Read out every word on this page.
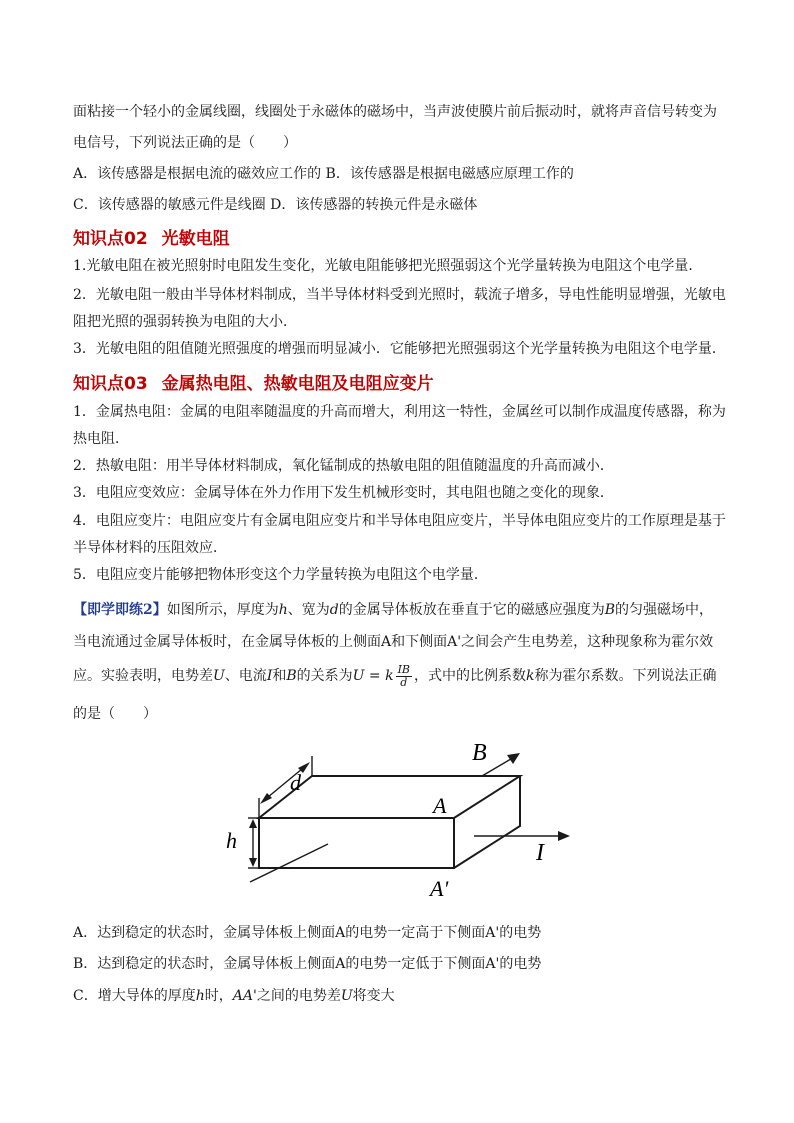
面粘接一个轻小的金属线圈，线圈处于永磁体的磁场中，当声波使膜片前后振动时，就将声音信号转变为
电信号，下列说法正确的是（　　）
A．该传感器是根据电流的磁效应工作的 B．该传感器是根据电磁感应原理工作的
C．该传感器的敏感元件是线圈 D．该传感器的转换元件是永磁体
知识点02 光敏电阻
1.光敏电阻在被光照射时电阻发生变化，光敏电阻能够把光照强弱这个光学量转换为电阻这个电学量．
2．光敏电阻一般由半导体材料制成，当半导体材料受到光照时，载流子增多，导电性能明显增强，光敏电
阻把光照的强弱转换为电阻的大小．
3．光敏电阻的阻值随光照强度的增强而明显减小．它能够把光照强弱这个光学量转换为电阻这个电学量．
知识点03 金属热电阻、热敏电阻及电阻应变片
1．金属热电阻：金属的电阻率随温度的升高而增大，利用这一特性，金属丝可以制作成温度传感器，称为
热电阻．
2．热敏电阻：用半导体材料制成，氧化锰制成的热敏电阻的阻值随温度的升高而减小．
3．电阻应变效应：金属导体在外力作用下发生机械形变时，其电阻也随之变化的现象．
4．电阻应变片：电阻应变片有金属电阻应变片和半导体电阻应变片，半导体电阻应变片的工作原理是基于
半导体材料的压阻效应．
5．电阻应变片能够把物体形变这个力学量转换为电阻这个电学量．
【即学即练2】如图所示，厚度为h、宽为d的金属导体板放在垂直于它的磁感应强度为B的匀强磁场中，
当电流通过金属导体板时，在金属导体板的上侧面A和下侧面A'之间会产生电势差，这种现象称为霍尔效
应。实验表明，电势差U、电流I和B的关系为U = k $\frac{IB}{d}$ ，式中的比例系数k称为霍尔系数。下列说法正确
的是（　　）
B
d
A
h	I
A'
A．达到稳定的状态时，金属导体板上侧面A的电势一定高于下侧面A'的电势
B．达到稳定的状态时，金属导体板上侧面A的电势一定低于下侧面A'的电势
C．增大导体的厚度h时，AA'之间的电势差U将变大
